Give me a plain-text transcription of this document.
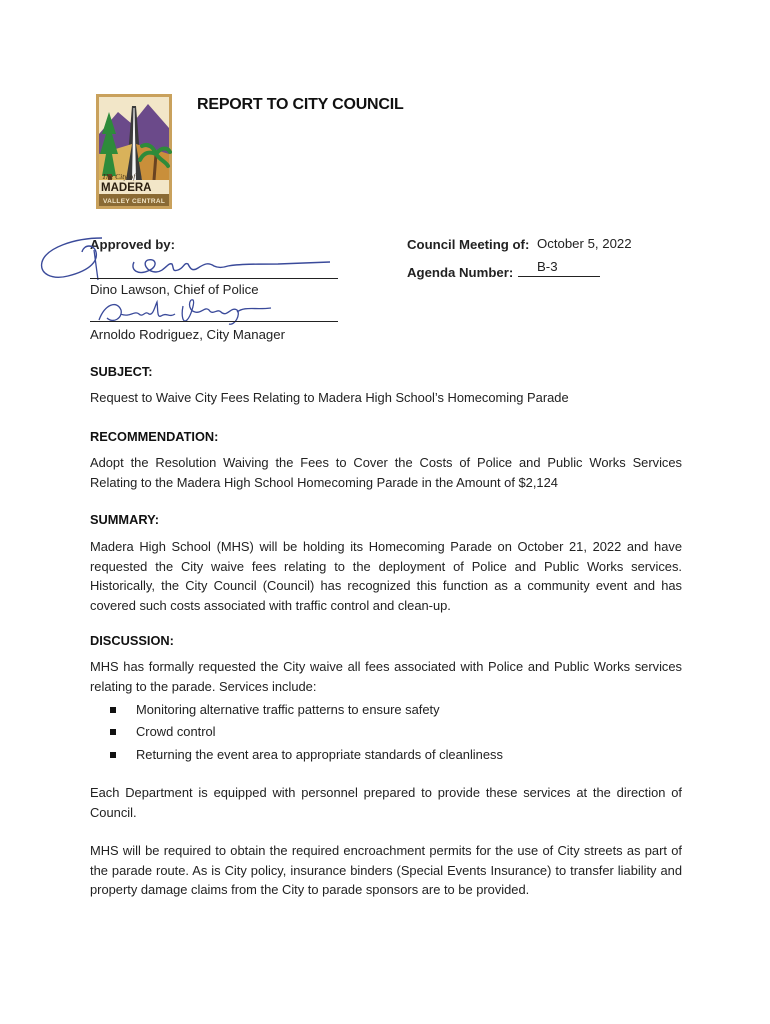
The City of
MADERA
VALLEY CENTRAL
REPORT TO CITY COUNCIL
Approved by:
Dino Lawson, Chief of Police
Arnoldo Rodriguez, City Manager
Council Meeting of: October 5, 2022
Agenda Number: B-3
SUBJECT:
Request to Waive City Fees Relating to Madera High School’s Homecoming Parade
RECOMMENDATION:
Adopt the Resolution Waiving the Fees to Cover the Costs of Police and Public Works Services Relating to the Madera High School Homecoming Parade in the Amount of $2,124
SUMMARY:
Madera High School (MHS) will be holding its Homecoming Parade on October 21, 2022 and have requested the City waive fees relating to the deployment of Police and Public Works services. Historically, the City Council (Council) has recognized this function as a community event and has covered such costs associated with traffic control and clean-up.
DISCUSSION:
MHS has formally requested the City waive all fees associated with Police and Public Works services relating to the parade. Services include:
Monitoring alternative traffic patterns to ensure safety
Crowd control
Returning the event area to appropriate standards of cleanliness
Each Department is equipped with personnel prepared to provide these services at the direction of Council.
MHS will be required to obtain the required encroachment permits for the use of City streets as part of the parade route. As is City policy, insurance binders (Special Events Insurance) to transfer liability and property damage claims from the City to parade sponsors are to be provided.
